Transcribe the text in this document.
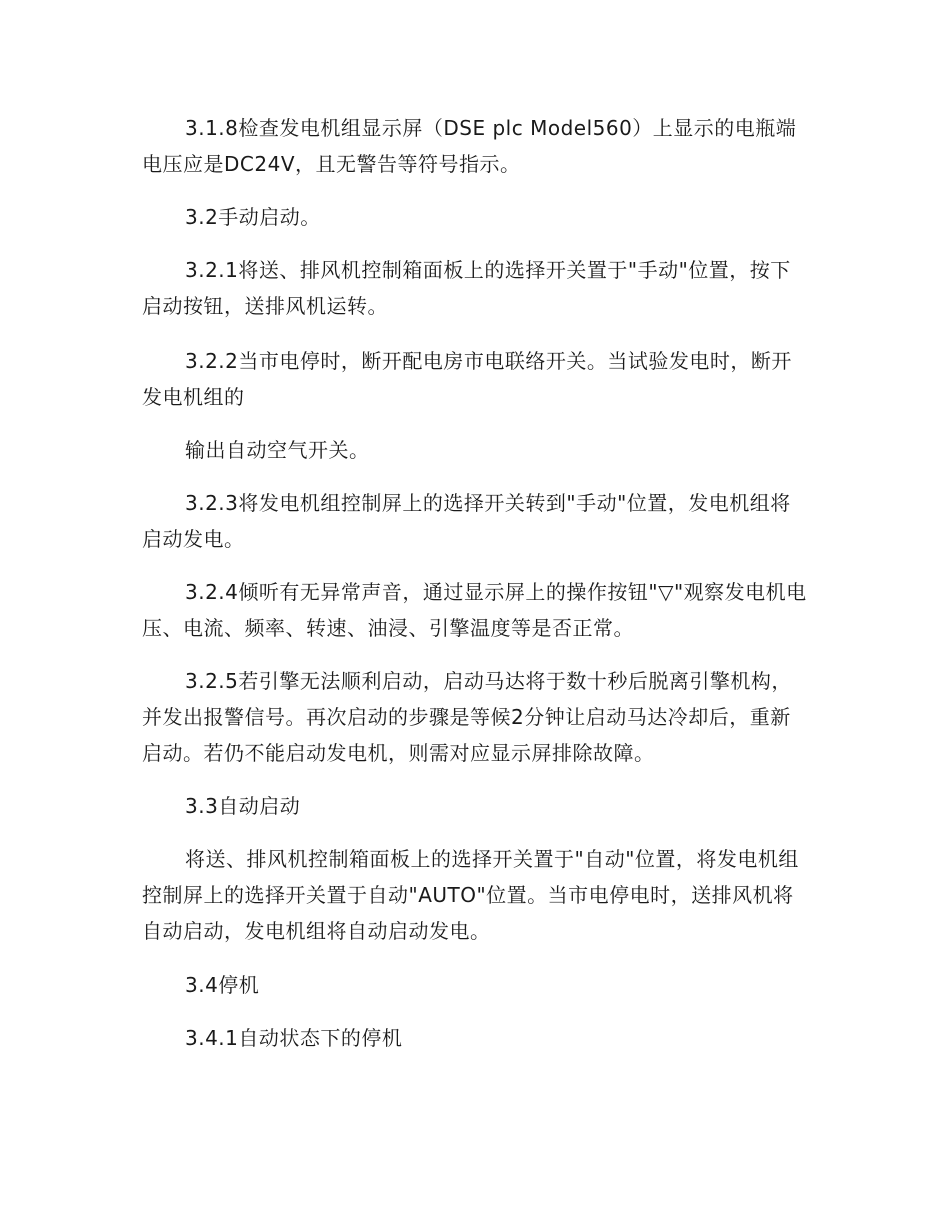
3.1.8检查发电机组显示屏（DSE plc Model560）上显示的电瓶端电压应是DC24V，且无警告等符号指示。

3.2手动启动。

3.2.1将送、排风机控制箱面板上的选择开关置于"手动"位置，按下启动按钮，送排风机运转。

3.2.2当市电停时，断开配电房市电联络开关。当试验发电时，断开发电机组的

输出自动空气开关。

3.2.3将发电机组控制屏上的选择开关转到"手动"位置，发电机组将启动发电。

3.2.4倾听有无异常声音，通过显示屏上的操作按钮"▽"观察发电机电压、电流、频率、转速、油浸、引擎温度等是否正常。

3.2.5若引擎无法顺利启动，启动马达将于数十秒后脱离引擎机构，并发出报警信号。再次启动的步骤是等候2分钟让启动马达冷却后，重新启动。若仍不能启动发电机，则需对应显示屏排除故障。

3.3自动启动

将送、排风机控制箱面板上的选择开关置于"自动"位置，将发电机组控制屏上的选择开关置于自动"AUTO"位置。当市电停电时，送排风机将自动启动，发电机组将自动启动发电。

3.4停机

3.4.1自动状态下的停机
